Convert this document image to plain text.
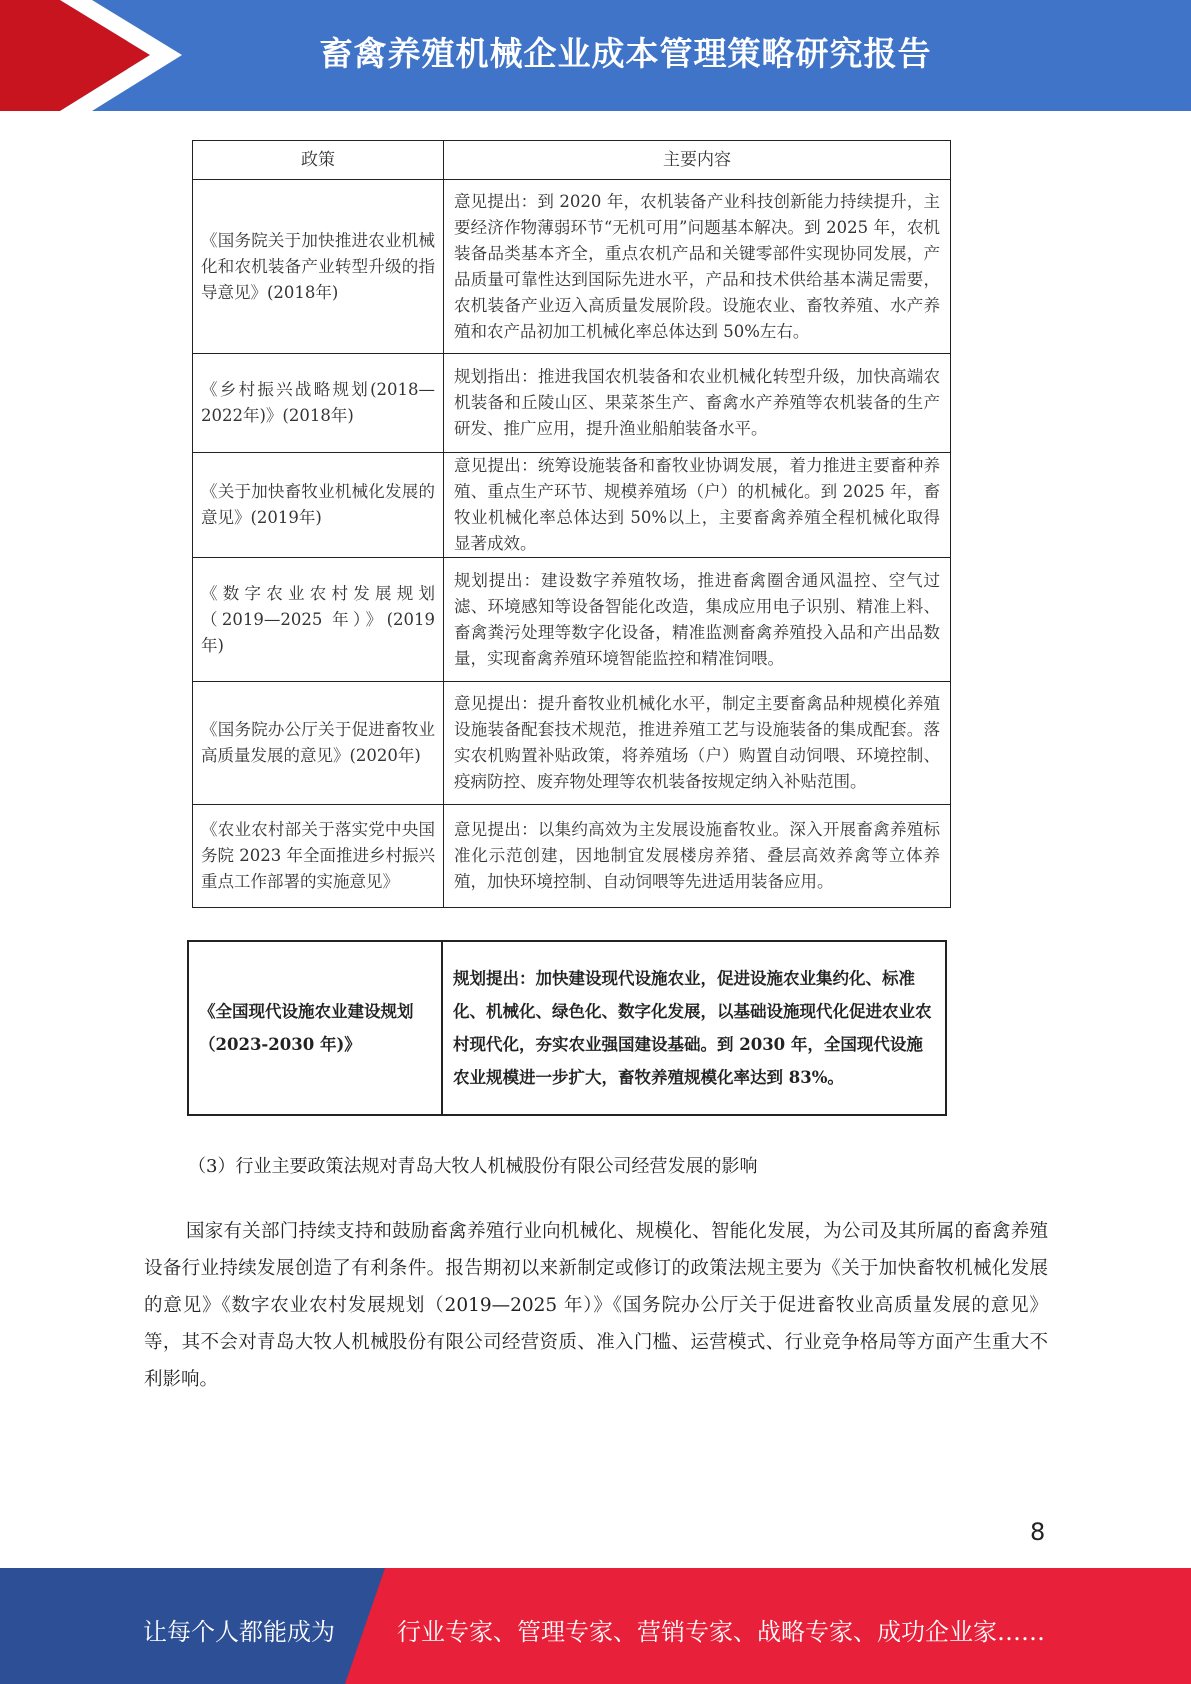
畜禽养殖机械企业成本管理策略研究报告
政策	主要内容
《国务院关于加快推进农业机械化和农机装备产业转型升级的指导意见》(2018年)	意见提出：到 2020 年，农机装备产业科技创新能力持续提升，主要经济作物薄弱环节“无机可用”问题基本解决。到 2025 年，农机装备品类基本齐全，重点农机产品和关键零部件实现协同发展，产品质量可靠性达到国际先进水平，产品和技术供给基本满足需要，农机装备产业迈入高质量发展阶段。设施农业、畜牧养殖、水产养殖和农产品初加工机械化率总体达到 50%左右。
《乡村振兴战略规划(2018—2022年)》(2018年)	规划指出：推进我国农机装备和农业机械化转型升级，加快高端农机装备和丘陵山区、果菜茶生产、畜禽水产养殖等农机装备的生产研发、推广应用，提升渔业船舶装备水平。
《关于加快畜牧业机械化发展的意见》(2019年)	意见提出：统筹设施装备和畜牧业协调发展，着力推进主要畜种养殖、重点生产环节、规模养殖场（户）的机械化。到 2025 年，畜牧业机械化率总体达到 50%以上，主要畜禽养殖全程机械化取得显著成效。
《数字农业农村发展规划（2019—2025 年）》(2019年)	规划提出：建设数字养殖牧场，推进畜禽圈舍通风温控、空气过滤、环境感知等设备智能化改造，集成应用电子识别、精准上料、畜禽粪污处理等数字化设备，精准监测畜禽养殖投入品和产出品数量，实现畜禽养殖环境智能监控和精准饲喂。
《国务院办公厅关于促进畜牧业高质量发展的意见》(2020年)	意见提出：提升畜牧业机械化水平，制定主要畜禽品种规模化养殖设施装备配套技术规范，推进养殖工艺与设施装备的集成配套。落实农机购置补贴政策，将养殖场（户）购置自动饲喂、环境控制、疫病防控、废弃物处理等农机装备按规定纳入补贴范围。
《农业农村部关于落实党中央国务院 2023 年全面推进乡村振兴重点工作部署的实施意见》	意见提出：以集约高效为主发展设施畜牧业。深入开展畜禽养殖标准化示范创建，因地制宜发展楼房养猪、叠层高效养禽等立体养殖，加快环境控制、自动饲喂等先进适用装备应用。
《全国现代设施农业建设规划（2023-2030 年)》	规划提出：加快建设现代设施农业，促进设施农业集约化、标准化、机械化、绿色化、数字化发展，以基础设施现代化促进农业农村现代化，夯实农业强国建设基础。到 2030 年，全国现代设施农业规模进一步扩大，畜牧养殖规模化率达到 83%。
（3）行业主要政策法规对青岛大牧人机械股份有限公司经营发展的影响
国家有关部门持续支持和鼓励畜禽养殖行业向机械化、规模化、智能化发展，为公司及其所属的畜禽养殖设备行业持续发展创造了有利条件。报告期初以来新制定或修订的政策法规主要为《关于加快畜牧机械化发展的意见》《数字农业农村发展规划（2019—2025 年）》《国务院办公厅关于促进畜牧业高质量发展的意见》等，其不会对青岛大牧人机械股份有限公司经营资质、准入门槛、运营模式、行业竞争格局等方面产生重大不利影响。
8
让每个人都能成为	行业专家、管理专家、营销专家、战略专家、成功企业家……
